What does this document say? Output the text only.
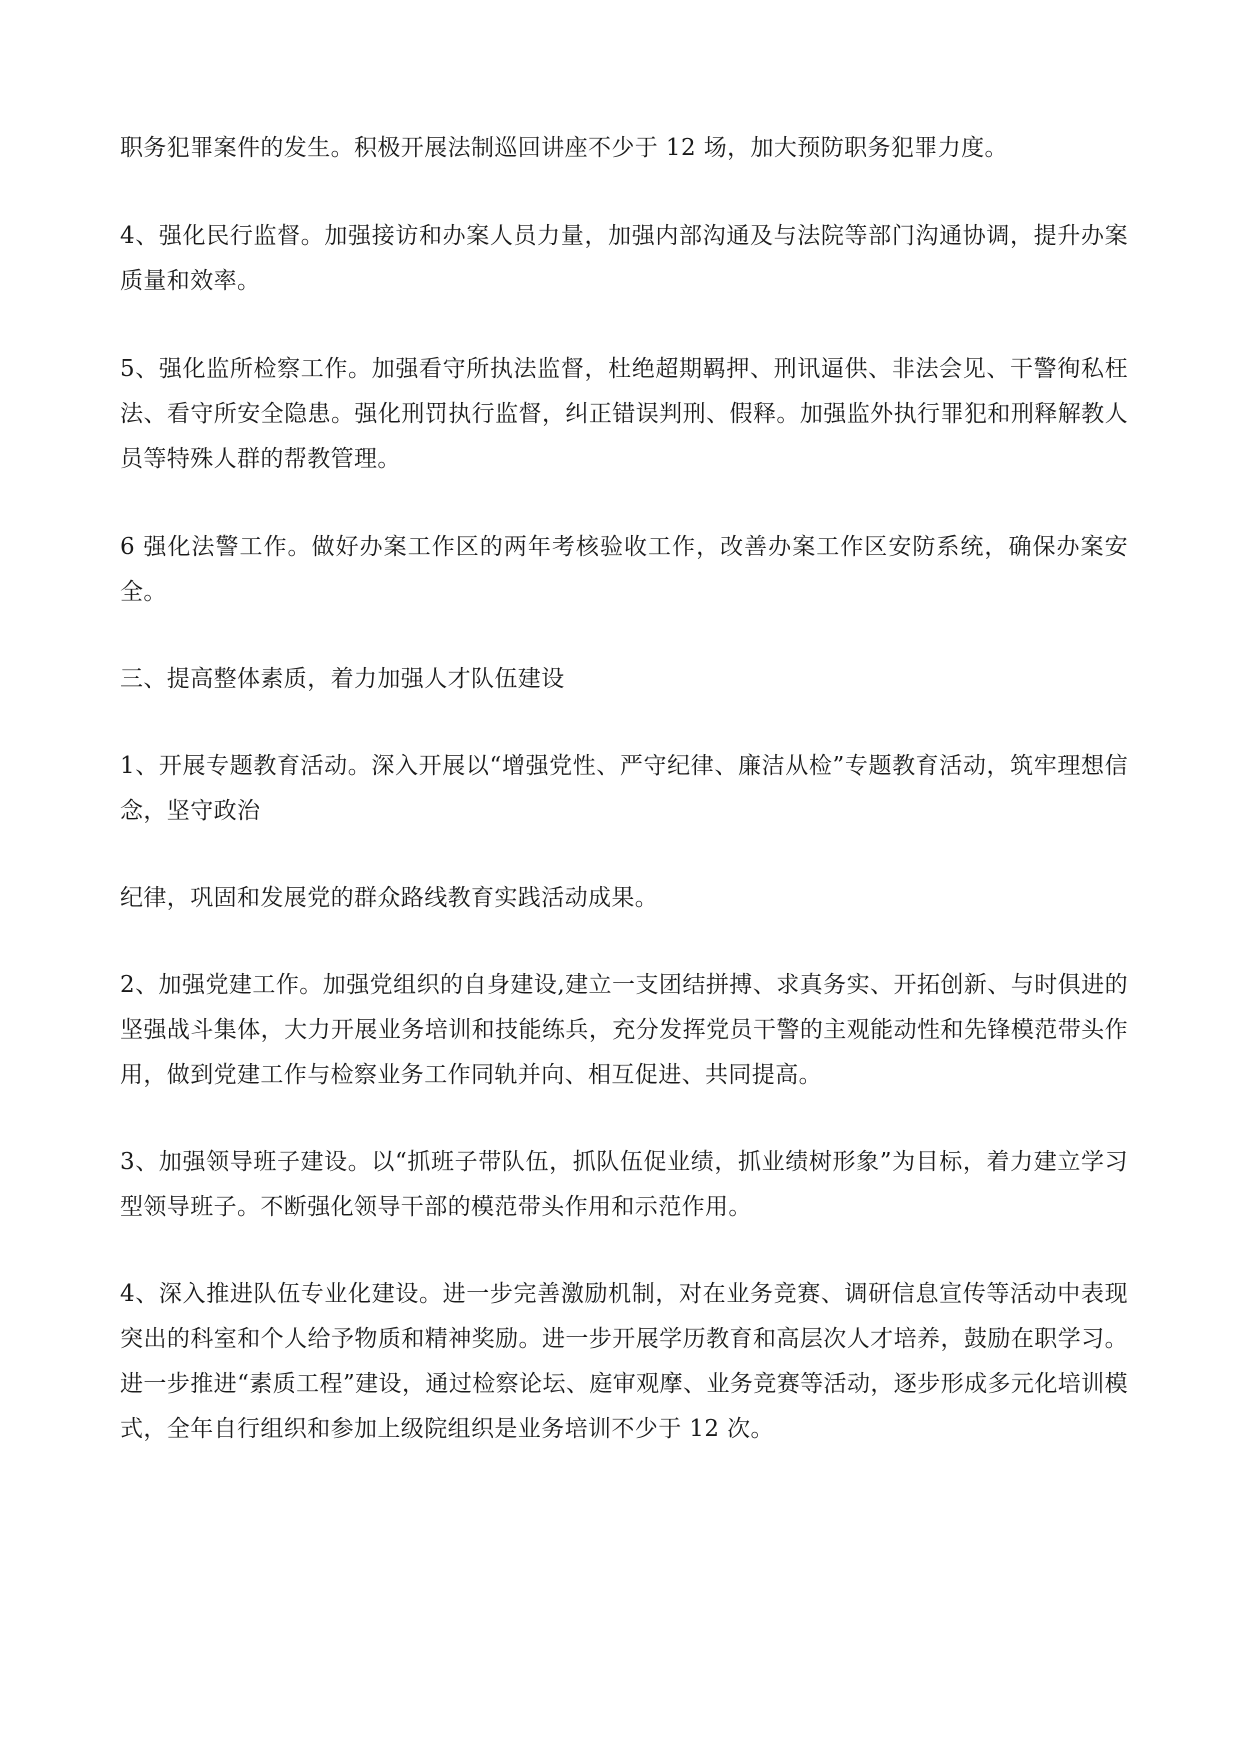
职务犯罪案件的发生。积极开展法制巡回讲座不少于 12 场，加大预防职务犯罪力度。

4、强化民行监督。加强接访和办案人员力量，加强内部沟通及与法院等部门沟通协调，提升办案质量和效率。

5、强化监所检察工作。加强看守所执法监督，杜绝超期羁押、刑讯逼供、非法会见、干警徇私枉法、看守所安全隐患。强化刑罚执行监督，纠正错误判刑、假释。加强监外执行罪犯和刑释解教人员等特殊人群的帮教管理。

6 强化法警工作。做好办案工作区的两年考核验收工作，改善办案工作区安防系统，确保办案安全。

三、提高整体素质，着力加强人才队伍建设

1、开展专题教育活动。深入开展以“增强党性、严守纪律、廉洁从检”专题教育活动，筑牢理想信念，坚守政治

纪律，巩固和发展党的群众路线教育实践活动成果。

2、加强党建工作。加强党组织的自身建设,建立一支团结拼搏、求真务实、开拓创新、与时俱进的坚强战斗集体，大力开展业务培训和技能练兵，充分发挥党员干警的主观能动性和先锋模范带头作用，做到党建工作与检察业务工作同轨并向、相互促进、共同提高。

3、加强领导班子建设。以“抓班子带队伍，抓队伍促业绩，抓业绩树形象”为目标，着力建立学习型领导班子。不断强化领导干部的模范带头作用和示范作用。

4、深入推进队伍专业化建设。进一步完善激励机制，对在业务竞赛、调研信息宣传等活动中表现突出的科室和个人给予物质和精神奖励。进一步开展学历教育和高层次人才培养，鼓励在职学习。进一步推进“素质工程”建设，通过检察论坛、庭审观摩、业务竞赛等活动，逐步形成多元化培训模式，全年自行组织和参加上级院组织是业务培训不少于 12 次。
